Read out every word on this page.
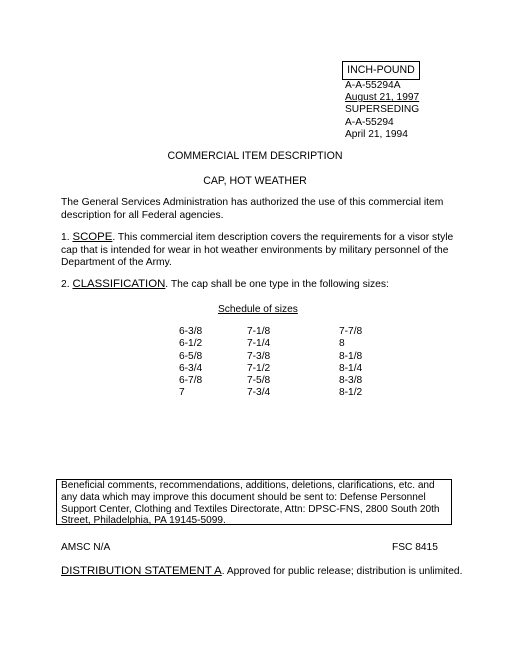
INCH-POUND
A-A-55294A
August 21, 1997
SUPERSEDING
A-A-55294
April 21, 1994
COMMERCIAL ITEM DESCRIPTION
CAP, HOT WEATHER
The General Services Administration has authorized the use of this commercial item description for all Federal agencies.
1. SCOPE. This commercial item description covers the requirements for a visor style cap that is intended for wear in hot weather environments by military personnel of the Department of the Army.
2. CLASSIFICATION. The cap shall be one type in the following sizes:
Schedule of sizes
6-3/8	7-1/8	7-7/8
6-1/2	7-1/4	8
6-5/8	7-3/8	8-1/8
6-3/4	7-1/2	8-1/4
6-7/8	7-5/8	8-3/8
7	7-3/4	8-1/2
Beneficial comments, recommendations, additions, deletions, clarifications, etc. and any data which may improve this document should be sent to: Defense Personnel Support Center, Clothing and Textiles Directorate, Attn: DPSC-FNS, 2800 South 20th Street, Philadelphia, PA 19145-5099.
AMSC N/A	FSC 8415
DISTRIBUTION STATEMENT A. Approved for public release; distribution is unlimited.
